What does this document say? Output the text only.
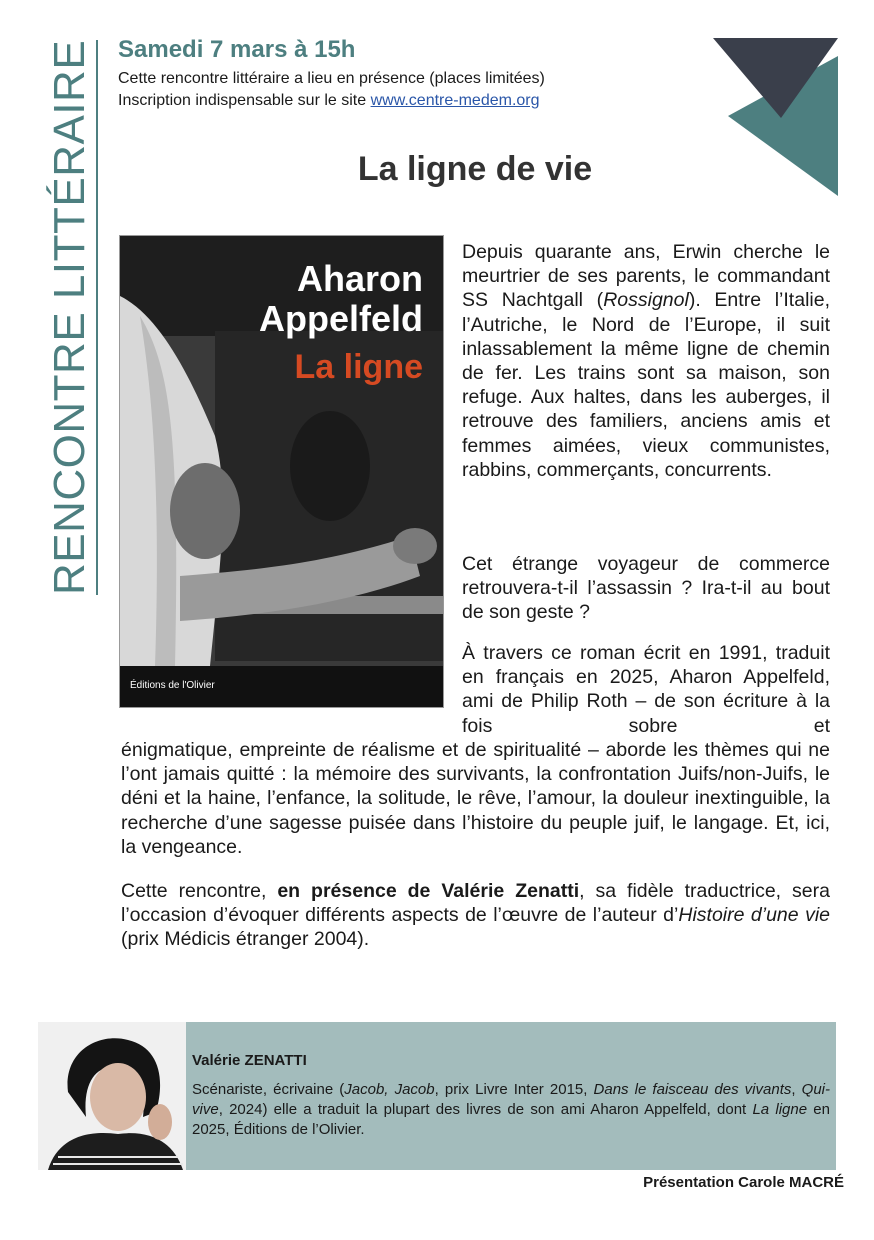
RENCONTRE LITTÉRAIRE Samedi 7 mars à 15h
Cette rencontre littéraire a lieu en présence (places limitées)
Inscription indispensable sur le site www.centre-medem.org
La ligne de vie
Aharon
Appelfeld
La ligne
Éditions de l'Olivier

Depuis quarante ans, Erwin cherche le meurtrier de ses parents, le commandant SS Nachtgall (Rossignol). Entre l’Italie, l’Autriche, le Nord de l’Europe, il suit inlassablement la même ligne de chemin de fer. Les trains sont sa maison, son refuge. Aux haltes, dans les auberges, il retrouve des familiers, anciens amis et femmes aimées, vieux communistes, rabbins, commerçants, concurrents.

Cet étrange voyageur de commerce retrouvera-t-il l’assassin ? Ira-t-il au bout de son geste ?

À travers ce roman écrit en 1991, traduit en français en 2025, Aharon Appelfeld, ami de Philip Roth – de son écriture à la fois sobre et

énigmatique, empreinte de réalisme et de spiritualité – aborde les thèmes qui ne l’ont jamais quitté : la mémoire des survivants, la confrontation Juifs/non-Juifs, le déni et la haine, l’enfance, la solitude, le rêve, l’amour, la douleur inextinguible, la recherche d’une sagesse puisée dans l’histoire du peuple juif, le langage. Et, ici, la vengeance.

Cette rencontre, en présence de Valérie Zenatti, sa fidèle traductrice, sera l’occasion d’évoquer différents aspects de l’œuvre de l’auteur d’Histoire d’une vie (prix Médicis étranger 2004).

Valérie ZENATTI

Scénariste, écrivaine (Jacob, Jacob, prix Livre Inter 2015, Dans le faisceau des vivants, Qui-vive, 2024) elle a traduit la plupart des livres de son ami Aharon Appelfeld, dont La ligne en 2025, Éditions de l’Olivier.

Présentation Carole MACRÉ
